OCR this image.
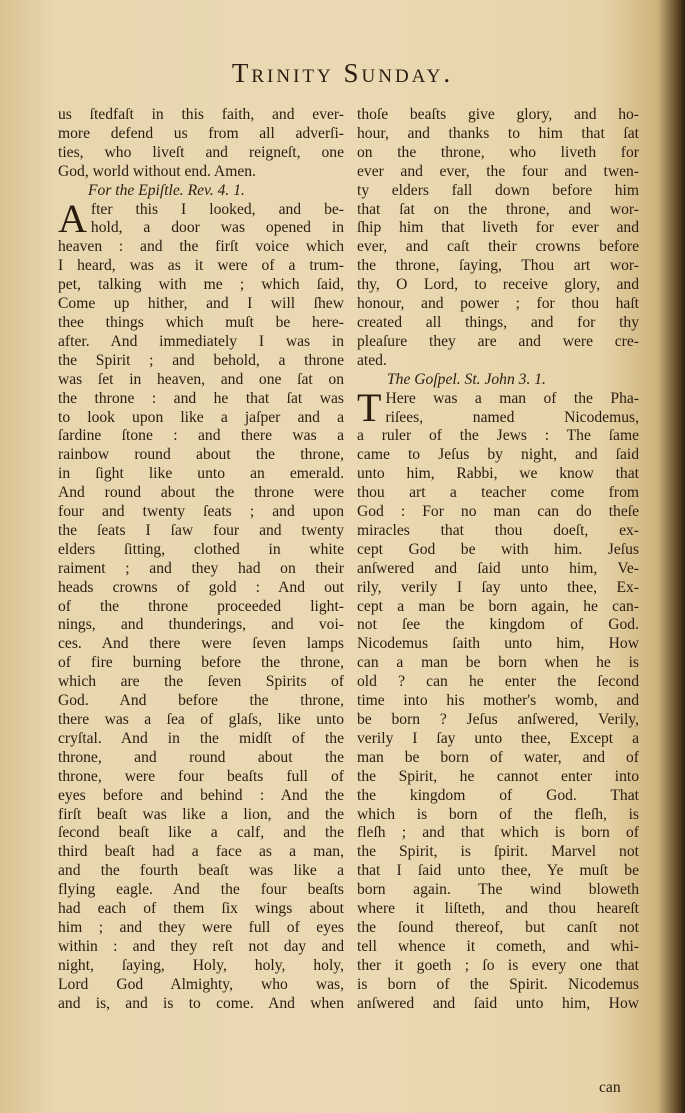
Trinity Sunday.
us ſtedfaſt in this faith, and ever-
more defend us from all adverſi-
ties, who liveſt and reigneſt, one
God, world without end. Amen.
For the Epiſtle. Rev. 4. 1.
A fter this I looked, and be-
hold, a door was opened in
heaven : and the firſt voice which
I heard, was as it were of a trum-
pet, talking with me ; which ſaid,
Come up hither, and I will ſhew
thee things which muſt be here-
after. And immediately I was in
the Spirit ; and behold, a throne
was ſet in heaven, and one ſat on
the throne : and he that ſat was
to look upon like a jaſper and a
ſardine ſtone : and there was a
rainbow round about the throne,
in ſight like unto an emerald.
And round about the throne were
four and twenty ſeats ; and upon
the ſeats I ſaw four and twenty
elders ſitting, clothed in white
raiment ; and they had on their
heads crowns of gold : And out
of the throne proceeded light-
nings, and thunderings, and voi-
ces. And there were ſeven lamps
of fire burning before the throne,
which are the ſeven Spirits of
God. And before the throne,
there was a ſea of glaſs, like unto
cryſtal. And in the midſt of the
throne, and round about the
throne, were four beaſts full of
eyes before and behind : And the
firſt beaſt was like a lion, and the
ſecond beaſt like a calf, and the
third beaſt had a face as a man,
and the fourth beaſt was like a
flying eagle. And the four beaſts
had each of them ſix wings about
him ; and they were full of eyes
within : and they reſt not day and
night, ſaying, Holy, holy, holy,
Lord God Almighty, who was,
and is, and is to come. And when
thoſe beaſts give glory, and ho-
hour, and thanks to him that ſat
on the throne, who liveth for
ever and ever, the four and twen-
ty elders fall down before him
that ſat on the throne, and wor-
ſhip him that liveth for ever and
ever, and caſt their crowns before
the throne, ſaying, Thou art wor-
thy, O Lord, to receive glory, and
honour, and power ; for thou haſt
created all things, and for thy
pleaſure they are and were cre-
ated.
The Goſpel. St. John 3. 1.
T Here was a man of the Pha-
riſees, named Nicodemus,
a ruler of the Jews : The ſame
came to Jeſus by night, and ſaid
unto him, Rabbi, we know that
thou art a teacher come from
God : For no man can do theſe
miracles that thou doeſt, ex-
cept God be with him. Jeſus
anſwered and ſaid unto him, Ve-
rily, verily I ſay unto thee, Ex-
cept a man be born again, he can-
not ſee the kingdom of God.
Nicodemus ſaith unto him, How
can a man be born when he is
old ? can he enter the ſecond
time into his mother's womb, and
be born ? Jeſus anſwered, Verily,
verily I ſay unto thee, Except a
man be born of water, and of
the Spirit, he cannot enter into
the kingdom of God. That
which is born of the fleſh, is
fleſh ; and that which is born of
the Spirit, is ſpirit. Marvel not
that I ſaid unto thee, Ye muſt be
born again. The wind bloweth
where it liſteth, and thou heareſt
the ſound thereof, but canſt not
tell whence it cometh, and whi-
ther it goeth ; ſo is every one that
is born of the Spirit. Nicodemus
anſwered and ſaid unto him, How
can
